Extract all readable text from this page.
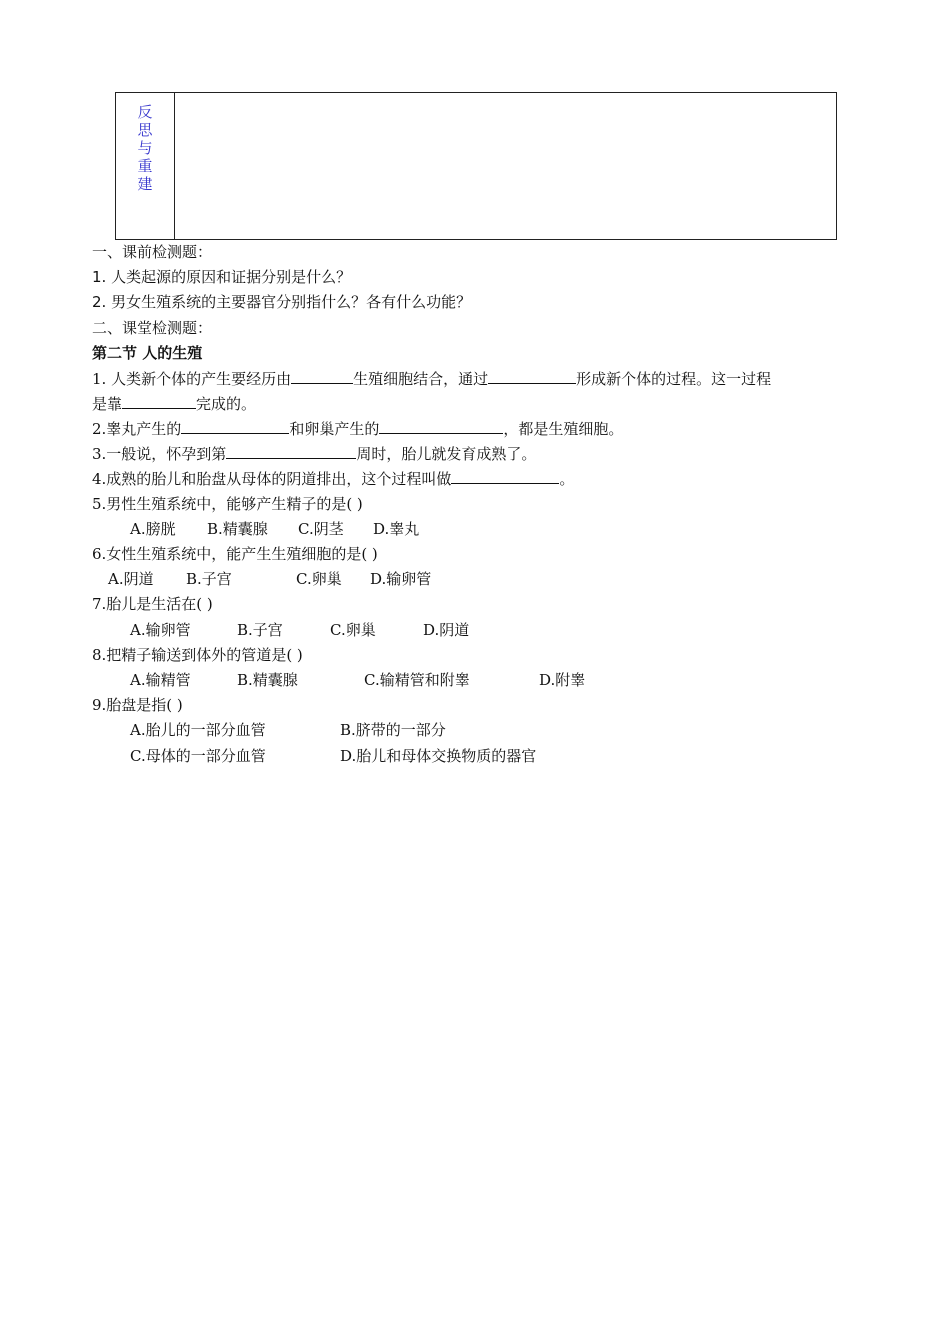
反
思
与
重
建
一、课前检测题：
1. 人类起源的原因和证据分别是什么？
2. 男女生殖系统的主要器官分别指什么？各有什么功能？
二、课堂检测题：
第二节 人的生殖
1. 人类新个体的产生要经历由	生殖细胞结合，通过	形成新个体的过程。这一过程
是靠	完成的。
2.睾丸产生的	和卵巢产生的	，都是生殖细胞。
3.一般说，怀孕到第	周时，胎儿就发育成熟了。
4.成熟的胎儿和胎盘从母体的阴道排出，这个过程叫做	。
5.男性生殖系统中，能够产生精子的是( )
A.膀胱 B.精囊腺 C.阴茎 D.睾丸
6.女性生殖系统中，能产生生殖细胞的是( )
A.阴道 B.子宫	C.卵巢 D.输卵管
7.胎儿是生活在( )
A.输卵管	B.子宫	C.卵巢	D.阴道
8.把精子输送到体外的管道是( )
A.输精管	B.精囊腺	C.输精管和附睾	D.附睾
9.胎盘是指( )
A.胎儿的一部分血管	B.脐带的一部分
C.母体的一部分血管	D.胎儿和母体交换物质的器官
